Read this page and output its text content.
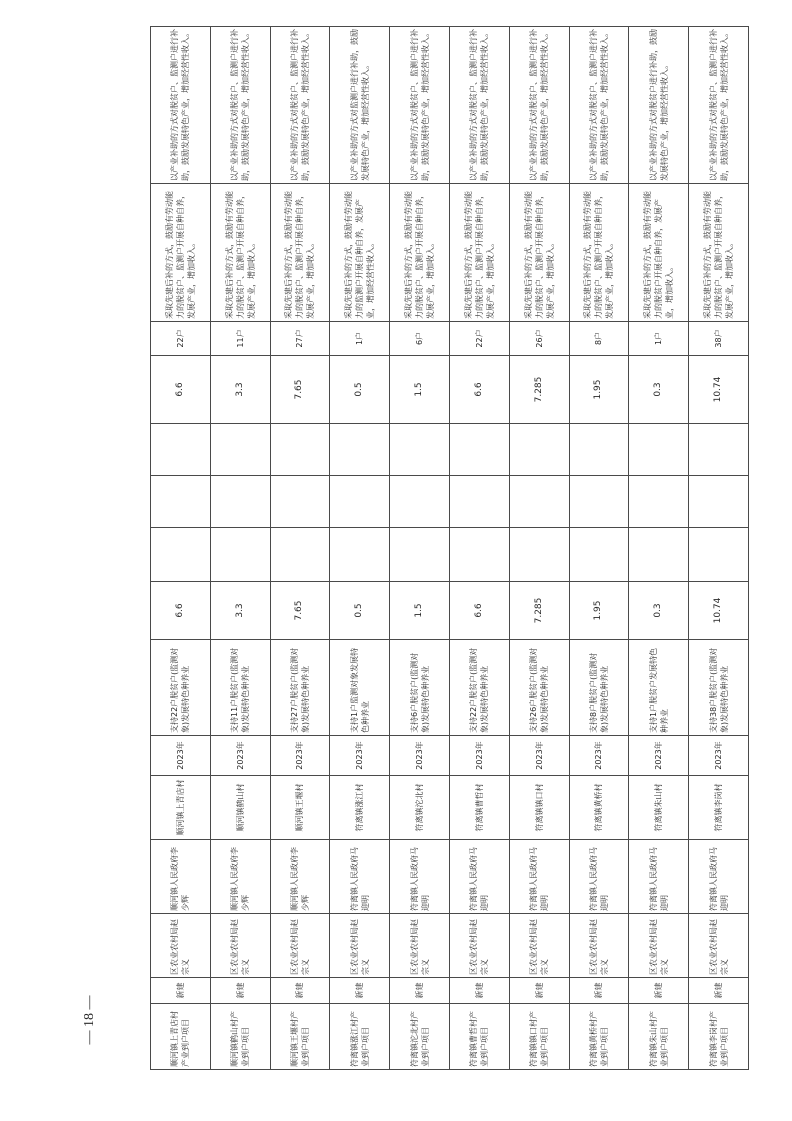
顺河镇上青店村产业到户项目	新建	区农业农村局赵宗义	顺河镇人民政府李少辉	顺河镇上青店村	2023年	支持22户脱贫户(监测对象)发展特色种养业	6.6				6.6	22户	采取先建后补的方式，鼓励有劳动能力的脱贫户、监测户开展自种自养，发展产业，增加收入。	以产业补助的方式对脱贫户、监测户进行补助，鼓励发展特色产业，增加经营性收入。
顺河镇鹤山村产业到户项目	新建	区农业农村局赵宗义	顺河镇人民政府李少辉	顺河镇鹤山村	2023年	支持11户脱贫户(监测对象)发展特色种养业	3.3				3.3	11户	采取先建后补的方式，鼓励有劳动能力的脱贫户、监测户开展自种自养，发展产业，增加收入。	以产业补助的方式对脱贫户、监测户进行补助，鼓励发展特色产业，增加经营性收入。
顺河镇王堰村产业到户项目	新建	区农业农村局赵宗义	顺河镇人民政府李少辉	顺河镇王堰村	2023年	支持27户脱贫户(监测对象)发展特色种养业	7.65				7.65	27户	采取先建后补的方式，鼓励有劳动能力的脱贫户、监测户开展自种自养，发展产业，增加收入。	以产业补助的方式对脱贫户、监测户进行补助，鼓励发展特色产业，增加经营性收入。
符离镇涨江村产业到户项目	新建	区农业农村局赵宗义	符离镇人民政府马迎明	符离镇涨江村	2023年	支持1户监测对象发展特色种养业	0.5				0.5	1户	采取先建后补的方式，鼓励有劳动能力的监测户开展自种自养，发展产业，增加经营性收入。	以产业补助的方式对监测户进行补助，鼓励发展特色产业，增加经营性收入。
符离镇沱北村产业到户项目	新建	区农业农村局赵宗义	符离镇人民政府马迎明	符离镇沱北村	2023年	支持6户脱贫户(监测对象)发展特色种养业	1.5				1.5	6户	采取先建后补的方式，鼓励有劳动能力的脱贫户、监测户开展自种自养，发展产业，增加收入。	以产业补助的方式对脱贫户、监测户进行补助，鼓励发展特色产业，增加经营性收入。
符离镇曹哲村产业到户项目	新建	区农业农村局赵宗义	符离镇人民政府马迎明	符离镇曹哲村	2023年	支持22户脱贫户(监测对象)发展特色种养业	6.6				6.6	22户	采取先建后补的方式，鼓励有劳动能力的脱贫户、监测户开展自种自养，发展产业，增加收入。	以产业补助的方式对脱贫户、监测户进行补助，鼓励发展特色产业，增加经营性收入。
符离镇镇口村产业到户项目	新建	区农业农村局赵宗义	符离镇人民政府马迎明	符离镇镇口村	2023年	支持26户脱贫户(监测对象)发展特色种养业	7.285				7.285	26户	采取先建后补的方式，鼓励有劳动能力的脱贫户、监测户开展自种自养，发展产业，增加收入。	以产业补助的方式对脱贫户、监测户进行补助，鼓励发展特色产业，增加经营性收入。
符离镇黄桥村产业到户项目	新建	区农业农村局赵宗义	符离镇人民政府马迎明	符离镇黄桥村	2023年	支持8户脱贫户(监测对象)发展特色种养业	1.95				1.95	8户	采取先建后补的方式，鼓励有劳动能力的脱贫户、监测户开展自种自养，发展产业，增加收入。	以产业补助的方式对脱贫户、监测户进行补助，鼓励发展特色产业，增加经营性收入。
符离镇朱山村产业到户项目	新建	区农业农村局赵宗义	符离镇人民政府马迎明	符离镇朱山村	2023年	支持1户脱贫户发展特色种养业	0.3				0.3	1户	采取先建后补的方式，鼓励有劳动能力的脱贫户开展自种自养，发展产业，增加收入。	以产业补助的方式对脱贫户进行补助，鼓励发展特色产业，增加经营性收入。
符离镇李岗村产业到户项目	新建	区农业农村局赵宗义	符离镇人民政府马迎明	符离镇李岗村	2023年	支持38户脱贫户(监测对象)发展特色种养业	10.74				10.74	38户	采取先建后补的方式，鼓励有劳动能力的脱贫户、监测户开展自种自养，发展产业，增加收入。	以产业补助的方式对脱贫户、监测户进行补助，鼓励发展特色产业，增加经营性收入。
— 18 —
